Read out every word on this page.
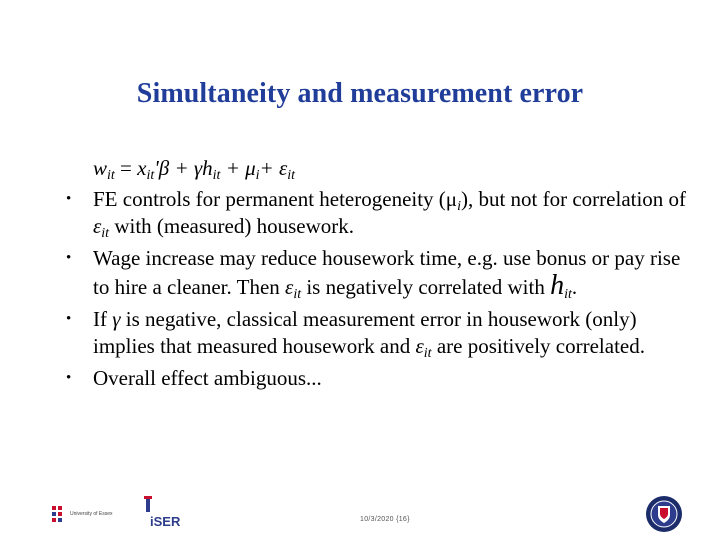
Simultaneity and measurement error
$w_{it} = x_{it}'\beta + \gamma h_{it} + \mu_i+ \varepsilon_{it}$
• FE controls for permanent heterogeneity $(\mu_i)$, but not for correlation of $\varepsilon_{it}$ with (measured) housework.
• Wage increase may reduce housework time, e.g. use bonus or pay rise to hire a cleaner. Then $\varepsilon_{it}$ is negatively correlated with $h_{it}$.
• If γ is negative, classical measurement error in housework (only) implies that measured housework and $\varepsilon_{it}$ are positively correlated.
• Overall effect ambiguous...
University of Essex	iSER	10/3/2020 {16}
